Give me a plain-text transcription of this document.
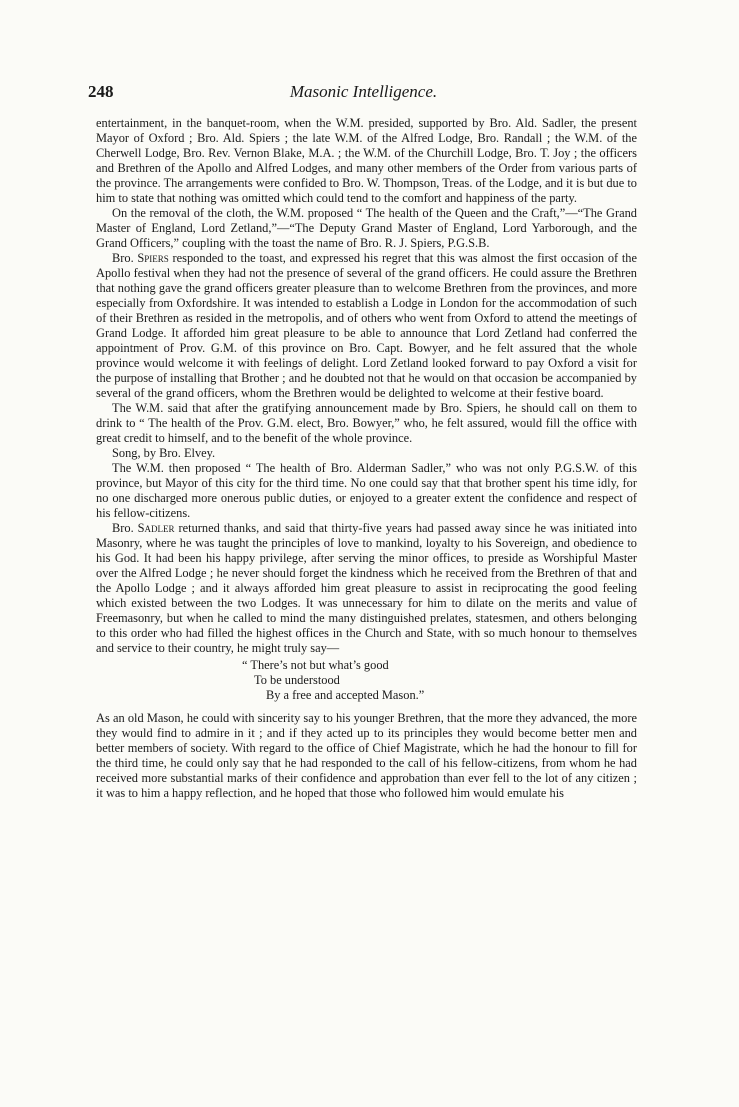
248	Masonic Intelligence.

entertainment, in the banquet-room, when the W.M. presided, supported by Bro. Ald. Sadler, the present Mayor of Oxford ; Bro. Ald. Spiers ; the late W.M. of the Alfred Lodge, Bro. Randall ; the W.M. of the Cherwell Lodge, Bro. Rev. Vernon Blake, M.A. ; the W.M. of the Churchill Lodge, Bro. T. Joy ; the officers and Brethren of the Apollo and Alfred Lodges, and many other members of the Order from various parts of the province. The arrangements were confided to Bro. W. Thompson, Treas. of the Lodge, and it is but due to him to state that nothing was omitted which could tend to the comfort and happiness of the party.

On the removal of the cloth, the W.M. proposed “ The health of the Queen and the Craft,”—“The Grand Master of England, Lord Zetland,”—“The Deputy Grand Master of England, Lord Yarborough, and the Grand Officers,” coupling with the toast the name of Bro. R. J. Spiers, P.G.S.B.

Bro. Spiers responded to the toast, and expressed his regret that this was almost the first occasion of the Apollo festival when they had not the presence of several of the grand officers. He could assure the Brethren that nothing gave the grand officers greater pleasure than to welcome Brethren from the provinces, and more especially from Oxfordshire. It was intended to establish a Lodge in London for the accommodation of such of their Brethren as resided in the metropolis, and of others who went from Oxford to attend the meetings of Grand Lodge. It afforded him great pleasure to be able to announce that Lord Zetland had conferred the appointment of Prov. G.M. of this province on Bro. Capt. Bowyer, and he felt assured that the whole province would welcome it with feelings of delight. Lord Zetland looked forward to pay Oxford a visit for the purpose of installing that Brother ; and he doubted not that he would on that occasion be accompanied by several of the grand officers, whom the Brethren would be delighted to welcome at their festive board.

The W.M. said that after the gratifying announcement made by Bro. Spiers, he should call on them to drink to “ The health of the Prov. G.M. elect, Bro. Bowyer,” who, he felt assured, would fill the office with great credit to himself, and to the benefit of the whole province.

Song, by Bro. Elvey.

The W.M. then proposed “ The health of Bro. Alderman Sadler,” who was not only P.G.S.W. of this province, but Mayor of this city for the third time. No one could say that that brother spent his time idly, for no one discharged more onerous public duties, or enjoyed to a greater extent the confidence and respect of his fellow-citizens.

Bro. Sadler returned thanks, and said that thirty-five years had passed away since he was initiated into Masonry, where he was taught the principles of love to mankind, loyalty to his Sovereign, and obedience to his God. It had been his happy privilege, after serving the minor offices, to preside as Worshipful Master over the Alfred Lodge ; he never should forget the kindness which he received from the Brethren of that and the Apollo Lodge ; and it always afforded him great pleasure to assist in reciprocating the good feeling which existed between the two Lodges. It was unnecessary for him to dilate on the merits and value of Freemasonry, but when he called to mind the many distinguished prelates, statesmen, and others belonging to this order who had filled the highest offices in the Church and State, with so much honour to themselves and service to their country, he might truly say—

“ There’s not but what’s good
To be understood
By a free and accepted Mason.”

As an old Mason, he could with sincerity say to his younger Brethren, that the more they advanced, the more they would find to admire in it ; and if they acted up to its principles they would become better men and better members of society. With regard to the office of Chief Magistrate, which he had the honour to fill for the third time, he could only say that he had responded to the call of his fellow-citizens, from whom he had received more substantial marks of their confidence and approbation than ever fell to the lot of any citizen ; it was to him a happy reflection, and he hoped that those who followed him would emulate his
